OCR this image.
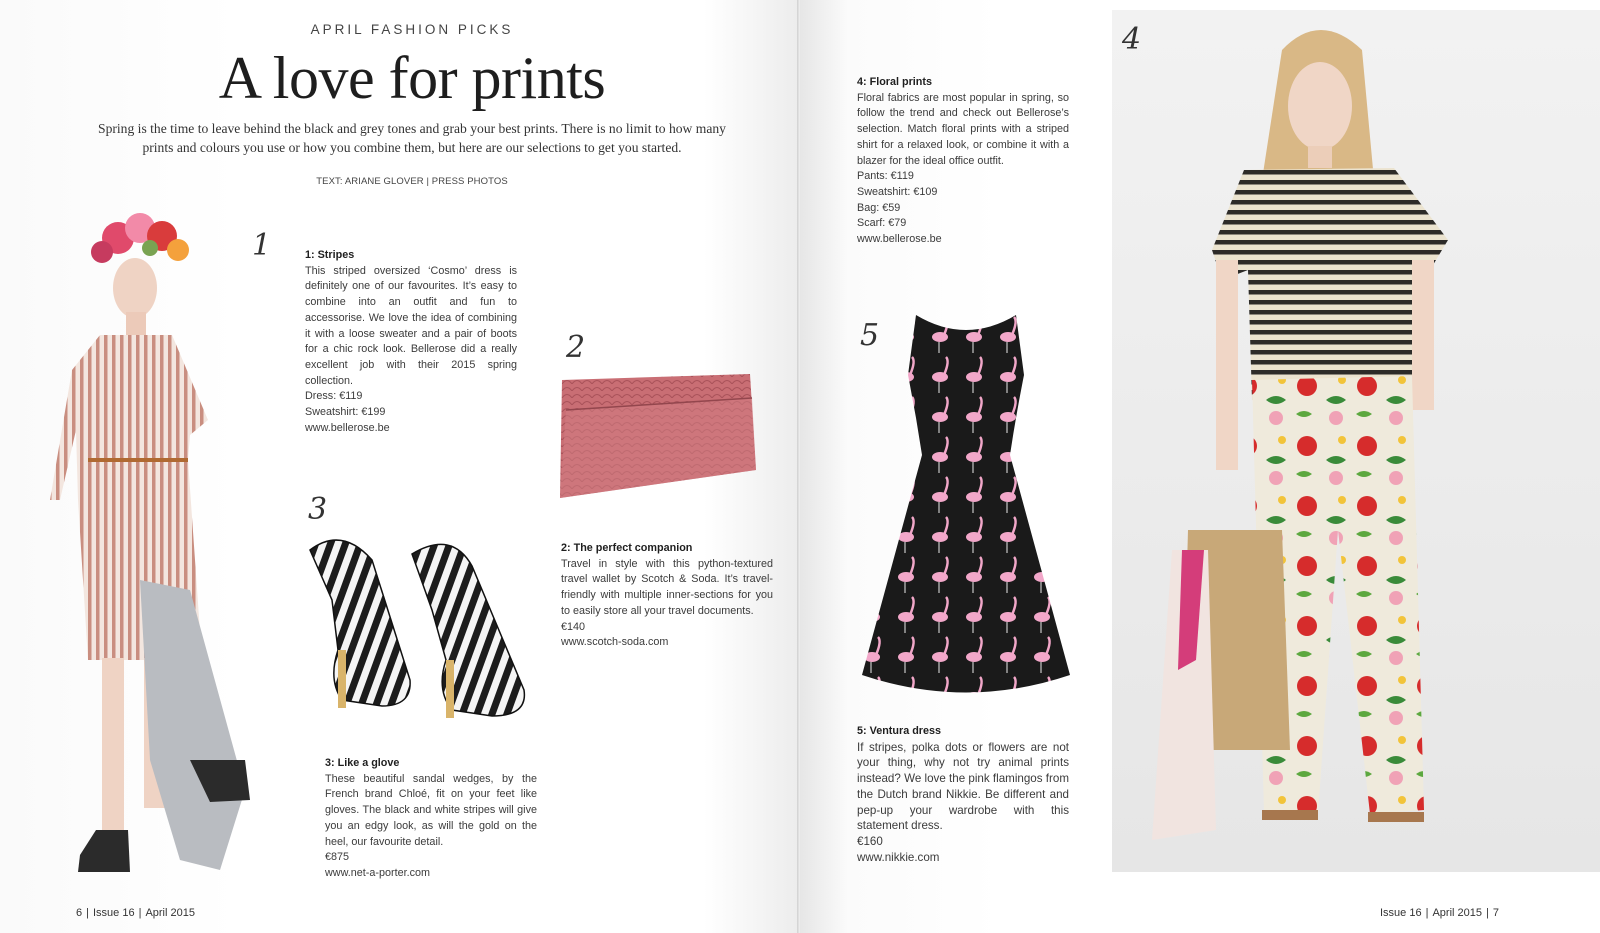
APRIL FASHION PICKS
A love for prints
Spring is the time to leave behind the black and grey tones and grab your best prints. There is no limit to how many prints and colours you use or how you combine them, but here are our selections to get you started.
TEXT: ARIANE GLOVER | PRESS PHOTOS
1	1: Stripes

This striped oversized ‘Cosmo’ dress is definitely one of our favourites. It’s easy to combine into an outfit and fun to accessorise. We love the idea of combining it with a loose sweater and a pair of boots for a chic rock look. Bellerose did a really excellent job with their 2015 spring collection.

Dress: €119
Sweatshirt: €199
www.bellerose.be
2
2: The perfect companion

Travel in style with this python-textured travel wallet by Scotch & Soda. It’s travel-friendly with multiple inner-sections for you to easily store all your travel documents.

€140
www.scotch-soda.com
3
3: Like a glove

These beautiful sandal wedges, by the French brand Chloé, fit on your feet like gloves. The black and white stripes will give you an edgy look, as will the gold on the heel, our favourite detail.

€875
www.net-a-porter.com
6 | Issue 16 | April 2015
4: Floral prints

Floral fabrics are most popular in spring, so follow the trend and check out Bellerose’s selection. Match floral prints with a striped shirt for a relaxed look, or combine it with a blazer for the ideal office outfit.

Pants: €119
Sweatshirt: €109
Bag: €59
Scarf: €79
www.bellerose.be
5
5: Ventura dress

If stripes, polka dots or flowers are not your thing, why not try animal prints instead? We love the pink flamingos from the Dutch brand Nikkie. Be different and pep-up your wardrobe with this statement dress.

€160
www.nikkie.com
4
Issue 16 | April 2015 | 7
